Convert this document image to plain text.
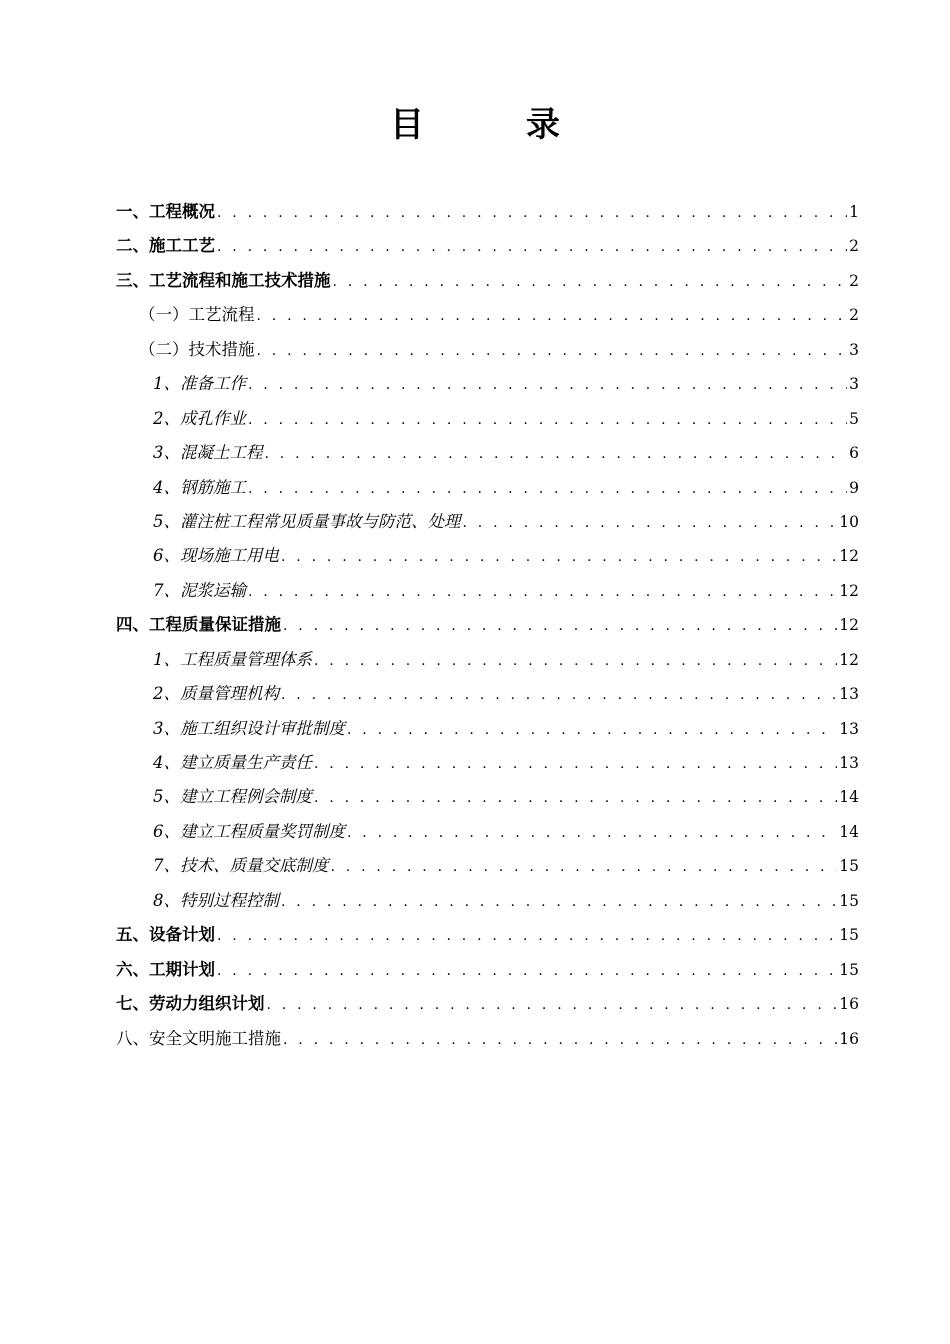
目　录
一、工程概况 . . .	1
二、施工工艺 . . .	2
三、工艺流程和施工技术措施 . . .	2
（一）工艺流程 . . .	2
（二）技术措施 . . .	3
1、准备工作 . . .	3
2、成孔作业 . . .	5
3、混凝土工程 . . .	6
4、钢筋施工 . . .	9
5、灌注桩工程常见质量事故与防范、处理 . . .	10
6、现场施工用电 . . .	12
7、泥浆运输 . . .	12
四、工程质量保证措施 . . .	12
1、工程质量管理体系 . . .	12
2、质量管理机构 . . .	13
3、施工组织设计审批制度 . . .	13
4、建立质量生产责任 . . .	13
5、建立工程例会制度 . . .	14
6、建立工程质量奖罚制度 . . .	14
7、技术、质量交底制度 . . .	15
8、特别过程控制 . . .	15
五、设备计划 . . .	15
六、工期计划 . . .	15
七、劳动力组织计划 . . .	16
八、安全文明施工措施 . . .	16
